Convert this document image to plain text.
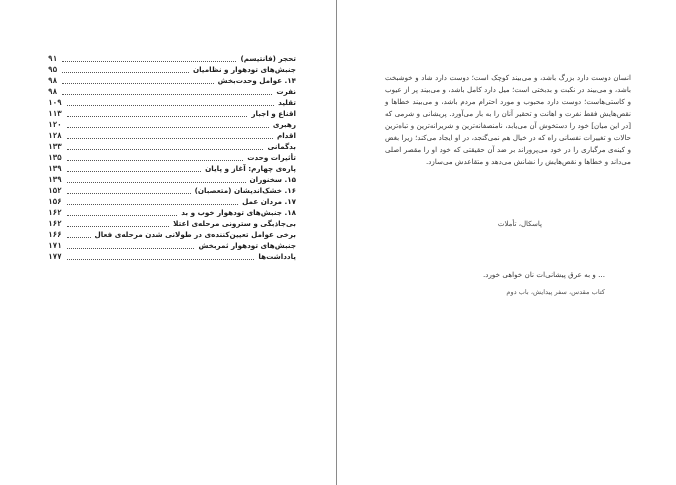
تحجر (فانتیسم)
۹۱
جنبش‌های تودهوار و نظامیان
۹۵
۱۴. عوامل وحدت‌بخش
۹۸
نفرت
۹۸
تقلید
۱۰۹
اقناع و اجبار
۱۱۳
رهبری
۱۲۰
اقدام
۱۲۸
بدگمانی
۱۳۳
تأثیرات وحدت
۱۳۵
پاره‌ی چهارم: آغاز و پایان
۱۳۹
۱۵. سخنوران
۱۳۹
۱۶. خشک‌اندیشان (متعصبان)
۱۵۲
۱۷. مردان عمل
۱۵۶
۱۸. جنبش‌های تودهوار خوب و بد
۱۶۲
بی‌جاذبگی و سترونی مرحله‌ی اعتلا
۱۶۲
برخی عوامل تعیین‌کننده‌ی در طولانی شدن مرحله‌ی فعال
۱۶۶
جنبش‌های تودهوار ثمربخش
۱۷۱
یادداشت‌ها
۱۷۷
انسان دوست دارد بزرگ باشد، و می‌بیند کوچک است؛ دوست دارد شاد و خوشبخت باشد، و می‌بیند در نکبت و بدبختی است؛ میل دارد کامل باشد، و می‌بیند پر از عیوب و کاستی‌هاست؛ دوست دارد محبوب و مورد احترام مردم باشد، و می‌بیند خطاها و نقص‌هایش فقط نفرت و اهانت و تحقیر آنان را به بار می‌آورد. پریشانی و شرمی که [در این میان] خود را دستخوش آن می‌یابد، نامنصفانه‌ترین و شریرانه‌ترین و تباه‌ترین حالات و تغییرات نفسانی راه که در خیال هم نمی‌گنجد، در او ایجاد می‌کند؛ زیرا بغض و کینه‌ی مرگباری را در خود می‌پروراند بر ضد آن حقیقتی که خود او را مقصر اصلی می‌داند و خطاها و نقص‌هایش را نشانش می‌دهد و متقاعدش می‌سازد.
پاسکال، تأملات
... و به عرق پیشانی‌ات نان خواهی خورد.
کتاب مقدس، سفر پیدایش، باب دوم
